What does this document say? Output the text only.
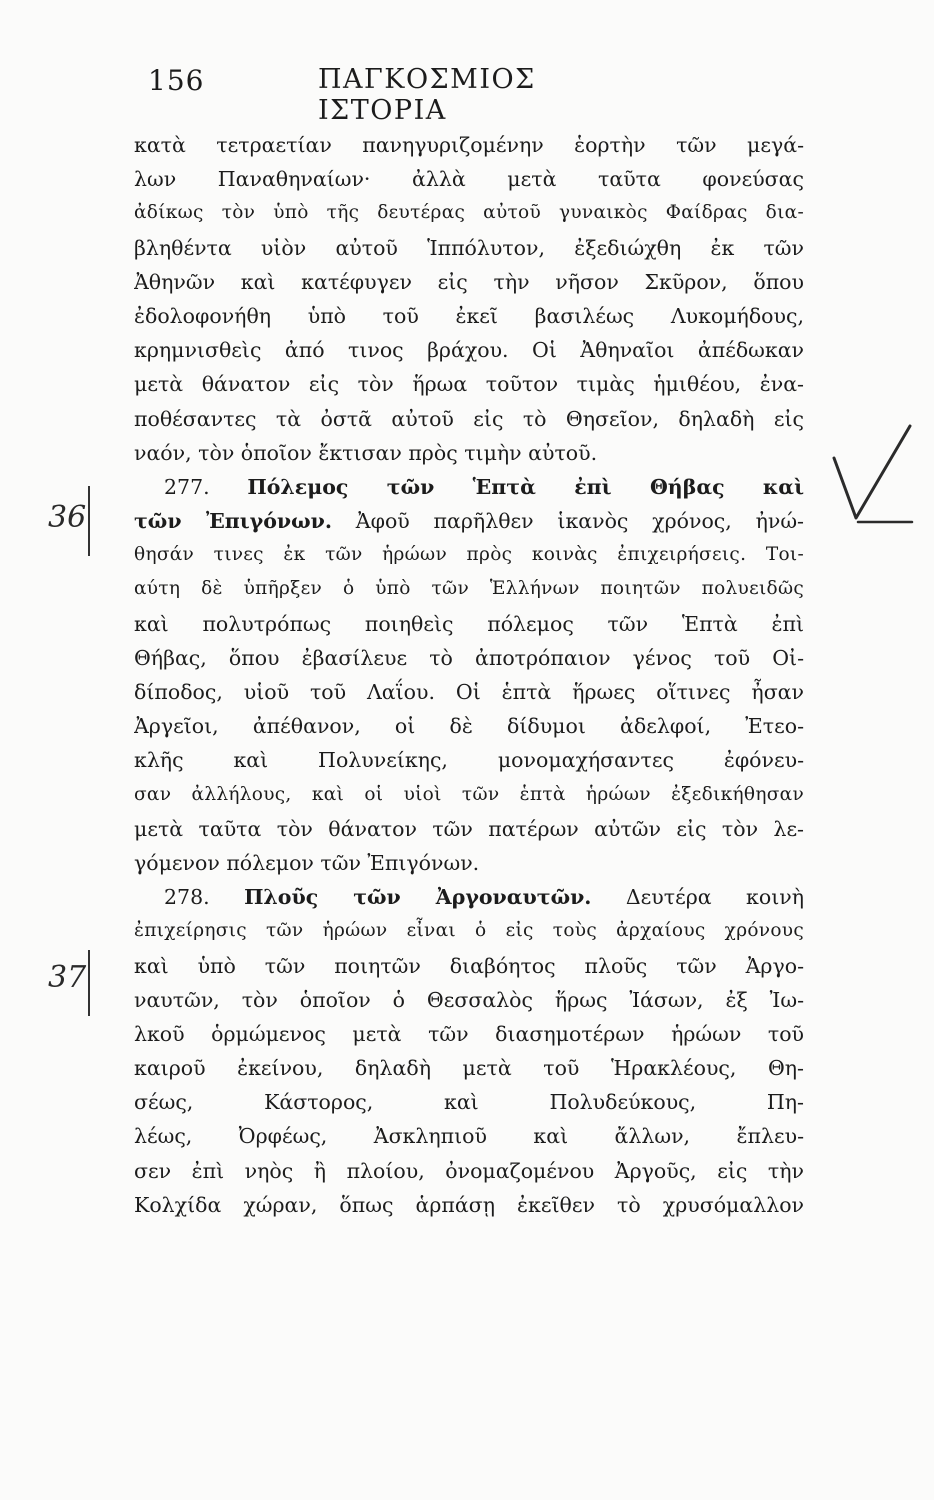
156	ΠΑΓΚΟΣΜΙΟΣ ΙΣΤΟΡΙΑ
κατὰ τετραετίαν πανηγυριζομένην ἑορτὴν τῶν μεγά-
λων Παναθηναίων· ἀλλὰ μετὰ ταῦτα φονεύσας
ἀδίκως τὸν ὑπὸ τῆς δευτέρας αὐτοῦ γυναικὸς Φαίδρας δια-
βληθέντα υἱὸν αὐτοῦ Ἱππόλυτον, ἐξεδιώχθη ἐκ τῶν
Ἀθηνῶν καὶ κατέφυγεν εἰς τὴν νῆσον Σκῦρον, ὅπου
ἐδολοφονήθη ὑπὸ τοῦ ἐκεῖ βασιλέως Λυκομήδους,
κρημνισθεὶς ἀπό τινος βράχου. Οἱ Ἀθηναῖοι ἀπέδωκαν
μετὰ θάνατον εἰς τὸν ἥρωα τοῦτον τιμὰς ἡμιθέου, ἐνα-
ποθέσαντες τὰ ὀστᾶ αὐτοῦ εἰς τὸ Θησεῖον, δηλαδὴ εἰς
ναόν, τὸν ὁποῖον ἔκτισαν πρὸς τιμὴν αὐτοῦ.
277. Πόλεμος τῶν Ἑπτὰ ἐπὶ Θήβας καὶ
τῶν Ἐπιγόνων. Ἀφοῦ παρῆλθεν ἱκανὸς χρόνος, ἠνώ-
θησάν τινες ἐκ τῶν ἡρώων πρὸς κοινὰς ἐπιχειρήσεις. Τοι-
αύτη δὲ ὑπῆρξεν ὁ ὑπὸ τῶν Ἑλλήνων ποιητῶν πολυειδῶς
καὶ πολυτρόπως ποιηθεὶς πόλεμος τῶν Ἑπτὰ ἐπὶ
Θήβας, ὅπου ἐβασίλευε τὸ ἀποτρόπαιον γένος τοῦ Οἰ-
δίποδος, υἱοῦ τοῦ Λαΐου. Οἱ ἑπτὰ ἥρωες οἵτινες ἦσαν
Ἀργεῖοι, ἀπέθανον, οἱ δὲ δίδυμοι ἀδελφοί, Ἐτεο-
κλῆς καὶ Πολυνείκης, μονομαχήσαντες ἐφόνευ-
σαν ἀλλήλους, καὶ οἱ υἱοὶ τῶν ἑπτὰ ἡρώων ἐξεδικήθησαν
μετὰ ταῦτα τὸν θάνατον τῶν πατέρων αὐτῶν εἰς τὸν λε-
γόμενον πόλεμον τῶν Ἐπιγόνων.
278. Πλοῦς τῶν Ἀργοναυτῶν. Δευτέρα κοινὴ
ἐπιχείρησις τῶν ἡρώων εἶναι ὁ εἰς τοὺς ἀρχαίους χρόνους
καὶ ὑπὸ τῶν ποιητῶν διαβόητος πλοῦς τῶν Ἀργο-
ναυτῶν, τὸν ὁποῖον ὁ Θεσσαλὸς ἥρως Ἰάσων, ἐξ Ἰω-
λκοῦ ὁρμώμενος μετὰ τῶν διασημοτέρων ἡρώων τοῦ
καιροῦ ἐκείνου, δηλαδὴ μετὰ τοῦ Ἡρακλέους, Θη-
σέως, Κάστορος, καὶ Πολυδεύκους, Πη-
λέως, Ὀρφέως, Ἀσκληπιοῦ καὶ ἄλλων, ἔπλευ-
σεν ἐπὶ νηὸς ἢ πλοίου, ὀνομαζομένου Ἀργοῦς, εἰς τὴν
Κολχίδα χώραν, ὅπως ἁρπάσῃ ἐκεῖθεν τὸ χρυσόμαλλον
36
37
